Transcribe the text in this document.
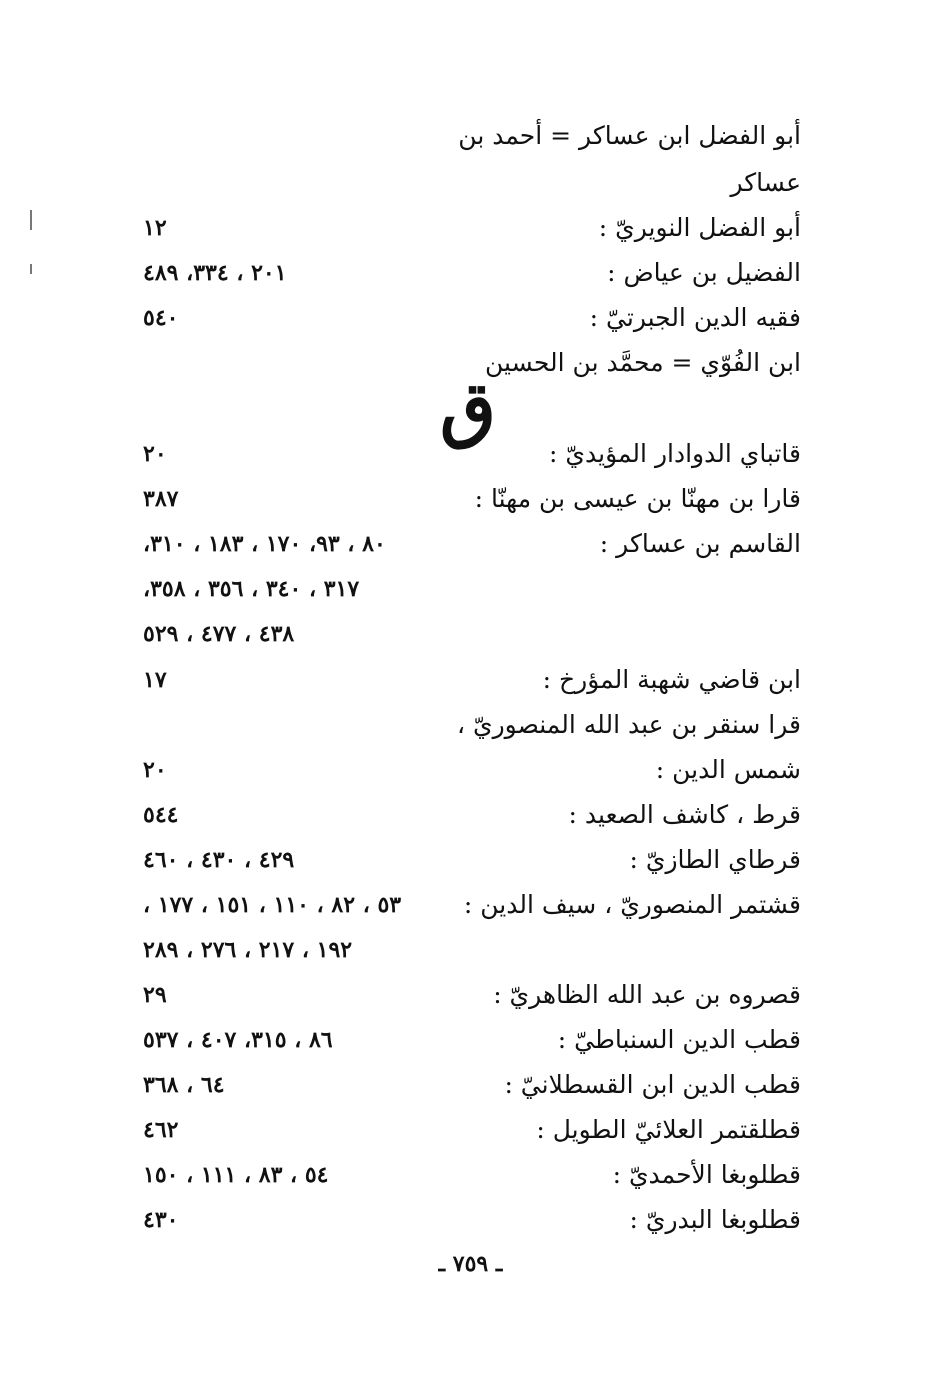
أبو الفضل ابن عساكر = أحمد بن
عساكر
أبو الفضل النويريّ :
١٢
الفضيل بن عياض :
٢٠١ ، ٣٣٤، ٤٨٩
فقيه الدين الجبرتيّ :
٥٤٠
ابن الفُوّي = محمَّد بن الحسين
ق
قاتباي الدوادار المؤيديّ :
٢٠
قارا بن مهنّا بن عيسى بن مهنّا :
٣٨٧
القاسم بن عساكر :
٨٠ ، ٩٣، ١٧٠ ، ١٨٣ ، ٣١٠،
٣١٧ ، ٣٤٠ ، ٣٥٦ ، ٣٥٨،
٤٣٨ ، ٤٧٧ ، ٥٢٩
ابن قاضي شهبة المؤرخ :
١٧
قرا سنقر بن عبد الله المنصوريّ ،
شمس الدين :
٢٠
قرط ، كاشف الصعيد :
٥٤٤
قرطاي الطازيّ :
٤٢٩ ، ٤٣٠ ، ٤٦٠
قشتمر المنصوريّ ، سيف الدين :
٥٣ ، ٨٢ ، ١١٠ ، ١٥١ ، ١٧٧ ،
١٩٢ ، ٢١٧ ، ٢٧٦ ، ٢٨٩
قصروه بن عبد الله الظاهريّ :
٢٩
قطب الدين السنباطيّ :
٨٦ ، ٣١٥، ٤٠٧ ، ٥٣٧
قطب الدين ابن القسطلانيّ :
٦٤ ، ٣٦٨
قطلقتمر العلائيّ الطويل :
٤٦٢
قطلوبغا الأحمديّ :
٥٤ ، ٨٣ ، ١١١ ، ١٥٠
قطلوبغا البدريّ :
٤٣٠
ـ ٧٥٩ ـ
